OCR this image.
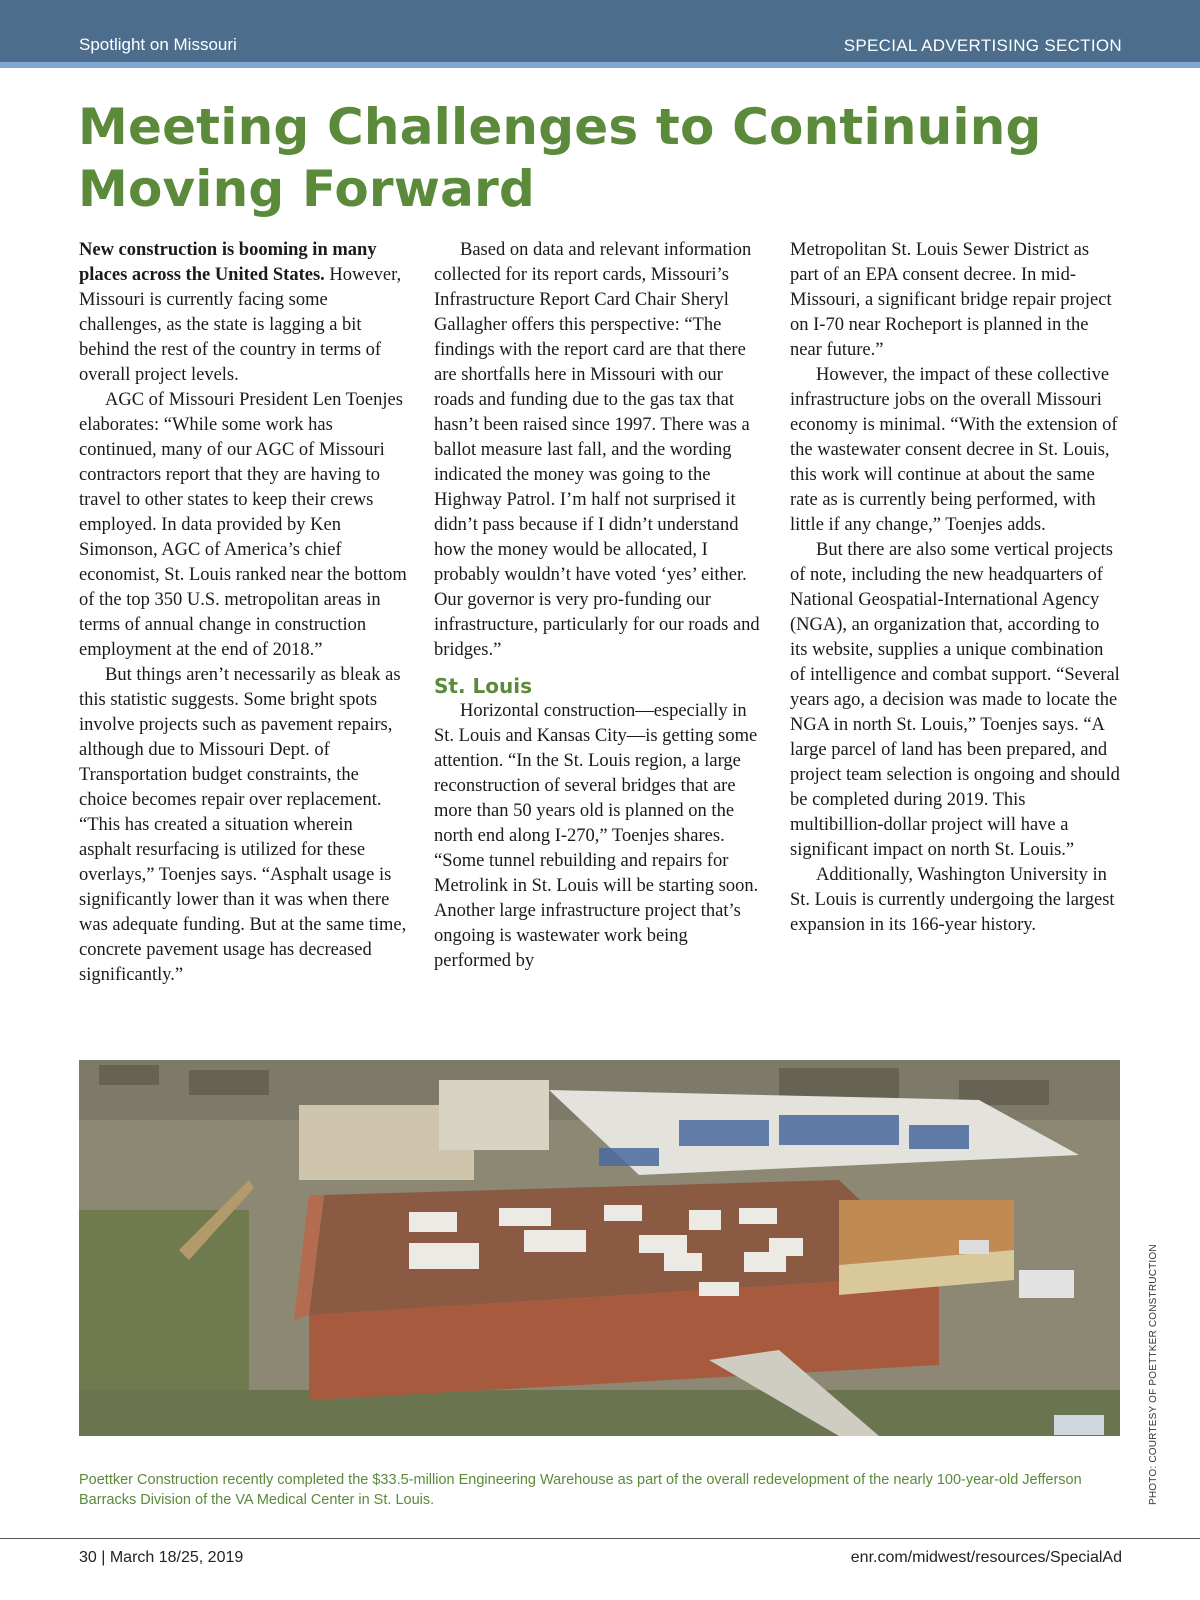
Spotlight on Missouri	SPECIAL ADVERTISING SECTION
Meeting Challenges to Continuing
Moving Forward

New construction is booming in many places across the United States. However, Missouri is currently facing some challenges, as the state is lagging a bit behind the rest of the country in terms of overall project levels.

AGC of Missouri President Len Toenjes elaborates: “While some work has continued, many of our AGC of Missouri contractors report that they are having to travel to other states to keep their crews employed. In data provided by Ken Simonson, AGC of America’s chief economist, St. Louis ranked near the bottom of the top 350 U.S. metropolitan areas in terms of annual change in construction employment at the end of 2018.”

But things aren’t necessarily as bleak as this statistic suggests. Some bright spots involve projects such as pavement repairs, although due to Missouri Dept. of Transportation budget constraints, the choice becomes repair over replacement. “This has created a situation wherein asphalt resurfacing is utilized for these overlays,” Toenjes says. “Asphalt usage is significantly lower than it was when there was adequate funding. But at the same time, concrete pavement usage has decreased significantly.”

Based on data and relevant information collected for its report cards, Missouri’s Infrastructure Report Card Chair Sheryl Gallagher offers this perspective: “The findings with the report card are that there are shortfalls here in Missouri with our roads and funding due to the gas tax that hasn’t been raised since 1997. There was a ballot measure last fall, and the wording indicated the money was going to the Highway Patrol. I’m half not surprised it didn’t pass because if I didn’t understand how the money would be allocated, I probably wouldn’t have voted ‘yes’ either. Our governor is very pro-funding our infrastructure, particularly for our roads and bridges.”

St. Louis

Horizontal construction—especially in St. Louis and Kansas City—is getting some attention. “In the St. Louis region, a large reconstruction of several bridges that are more than 50 years old is planned on the north end along I-270,” Toenjes shares. “Some tunnel rebuilding and repairs for Metrolink in St. Louis will be starting soon. Another large infrastructure project that’s ongoing is wastewater work being performed by

Metropolitan St. Louis Sewer District as part of an EPA consent decree. In mid-Missouri, a significant bridge repair project on I-70 near Rocheport is planned in the near future.”

However, the impact of these collective infrastructure jobs on the overall Missouri economy is minimal. “With the extension of the wastewater consent decree in St. Louis, this work will continue at about the same rate as is currently being performed, with little if any change,” Toenjes adds.

But there are also some vertical projects of note, including the new headquarters of National Geospatial-International Agency (NGA), an organization that, according to its website, supplies a unique combination of intelligence and combat support. “Several years ago, a decision was made to locate the NGA in north St. Louis,” Toenjes says. “A large parcel of land has been prepared, and project team selection is ongoing and should be completed during 2019. This multibillion-dollar project will have a significant impact on north St. Louis.”

Additionally, Washington University in St. Louis is currently undergoing the largest expansion in its 166-year history.

PHOTO: COURTESY OF POETTKER CONSTRUCTION
Poettker Construction recently completed the $33.5-million Engineering Warehouse as part of the overall redevelopment of the nearly 100-year-old Jefferson Barracks Division of the VA Medical Center in St. Louis.
30 | March 18/25, 2019	enr.com/midwest/resources/SpecialAd
